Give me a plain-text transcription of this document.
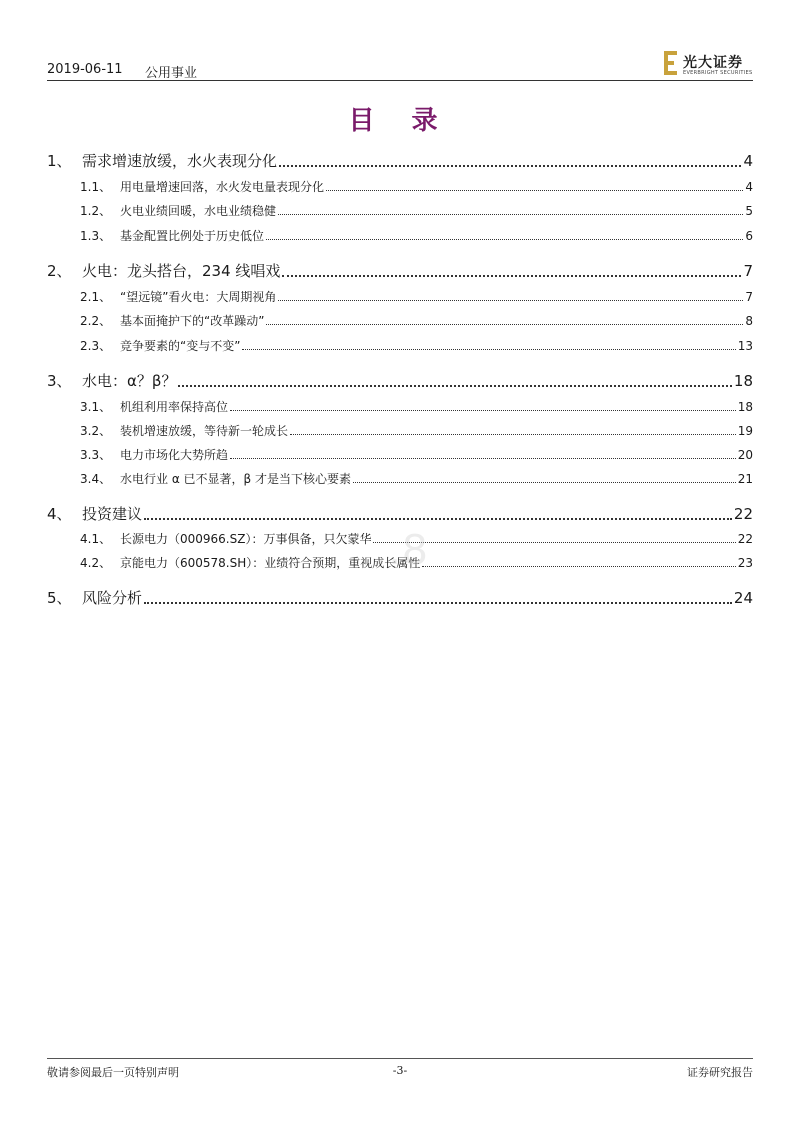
2019-06-11 公用事业
光大证券
EVERBRIGHT SECURITIES
目 录
1、 需求增速放缓，水火表现分化	4
1.1、 用电量增速回落，水火发电量表现分化	4
1.2、 火电业绩回暖，水电业绩稳健	5
1.3、 基金配置比例处于历史低位	6
2、 火电：龙头搭台，234 线唱戏	7
2.1、 “望远镜”看火电：大周期视角	7
2.2、 基本面掩护下的“改革躁动”	8
2.3、 竞争要素的“变与不变”	13
3、 水电：α？β？	18
3.1、 机组利用率保持高位	18
3.2、 装机增速放缓，等待新一轮成长	19
3.3、 电力市场化大势所趋	20
3.4、 水电行业 α 已不显著，β 才是当下核心要素	21
4、 投资建议	22
4.1、 长源电力（000966.SZ）：万事俱备，只欠蒙华	22
4.2、 京能电力（600578.SH）：业绩符合预期，重视成长属性	23
5、 风险分析	24
...8
敬请参阅最后一页特别声明	-3-	证券研究报告
